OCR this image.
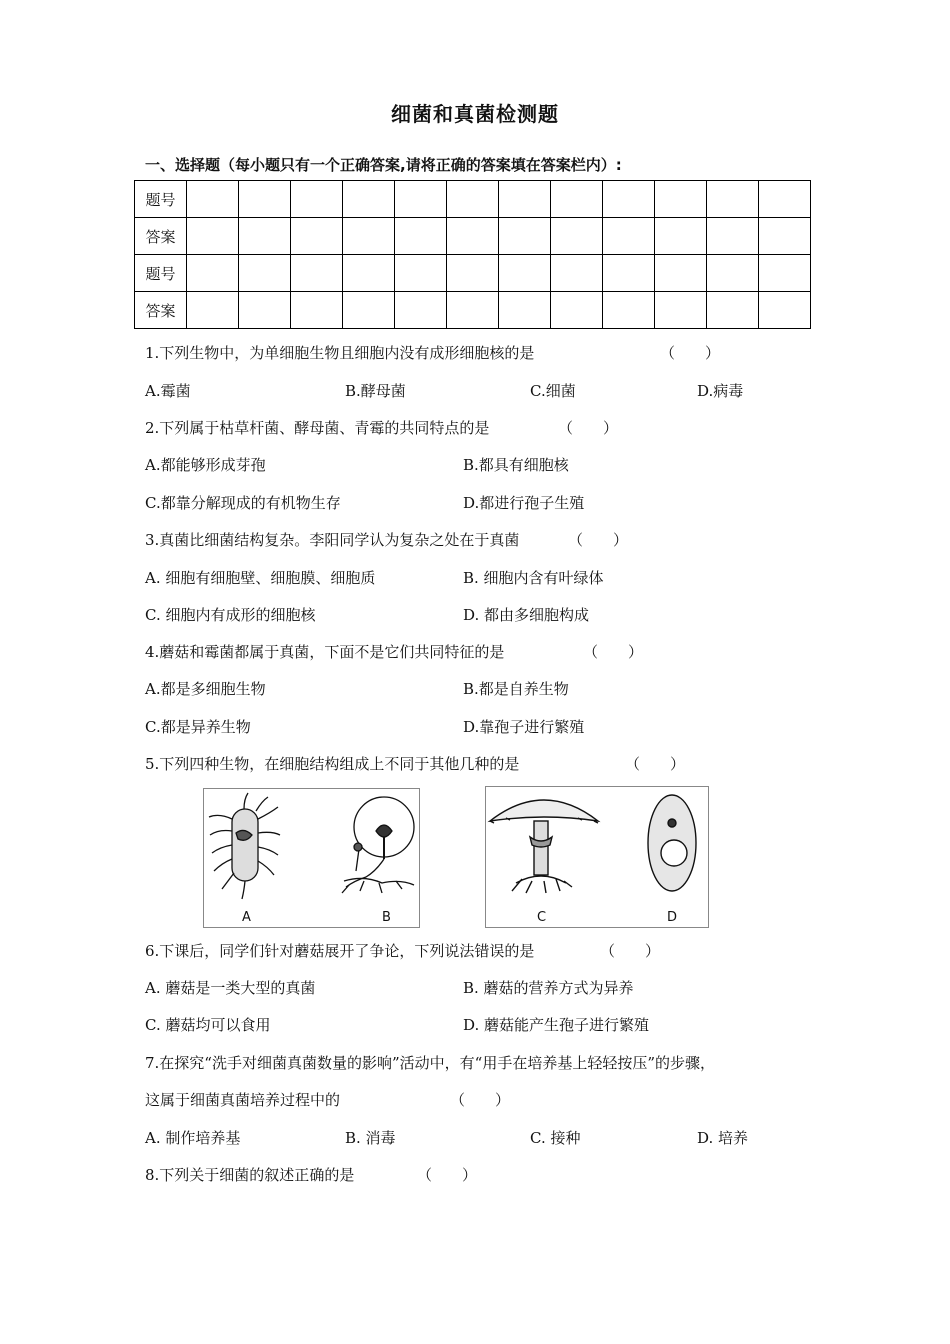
细菌和真菌检测题
一、选择题（每小题只有一个正确答案,请将正确的答案填在答案栏内）:
题号												
答案												
题号												
答案												
1.下列生物中，为单细胞生物且细胞内没有成形细胞核的是	（　　）
A.霉菌	B.酵母菌	C.细菌	D.病毒
2.下列属于枯草杆菌、酵母菌、青霉的共同特点的是	（　　）
A.都能够形成芽孢	B.都具有细胞核
C.都靠分解现成的有机物生存	D.都进行孢子生殖
3.真菌比细菌结构复杂。李阳同学认为复杂之处在于真菌	（　　）
A. 细胞有细胞壁、细胞膜、细胞质	B. 细胞内含有叶绿体
C. 细胞内有成形的细胞核	D. 都由多细胞构成
4.蘑菇和霉菌都属于真菌，下面不是它们共同特征的是	（　　）
A.都是多细胞生物	B.都是自养生物
C.都是异养生物	D.靠孢子进行繁殖
5.下列四种生物，在细胞结构组成上不同于其他几种的是	（　　）
A	B	C	D
6.下课后，同学们针对蘑菇展开了争论，下列说法错误的是	（　　）
A. 蘑菇是一类大型的真菌	B. 蘑菇的营养方式为异养
C. 蘑菇均可以食用	D. 蘑菇能产生孢子进行繁殖
7.在探究“洗手对细菌真菌数量的影响”活动中，有“用手在培养基上轻轻按压”的步骤，
这属于细菌真菌培养过程中的	（　　）
A. 制作培养基	B. 消毒	C. 接种	D. 培养
8.下列关于细菌的叙述正确的是	（　　）
